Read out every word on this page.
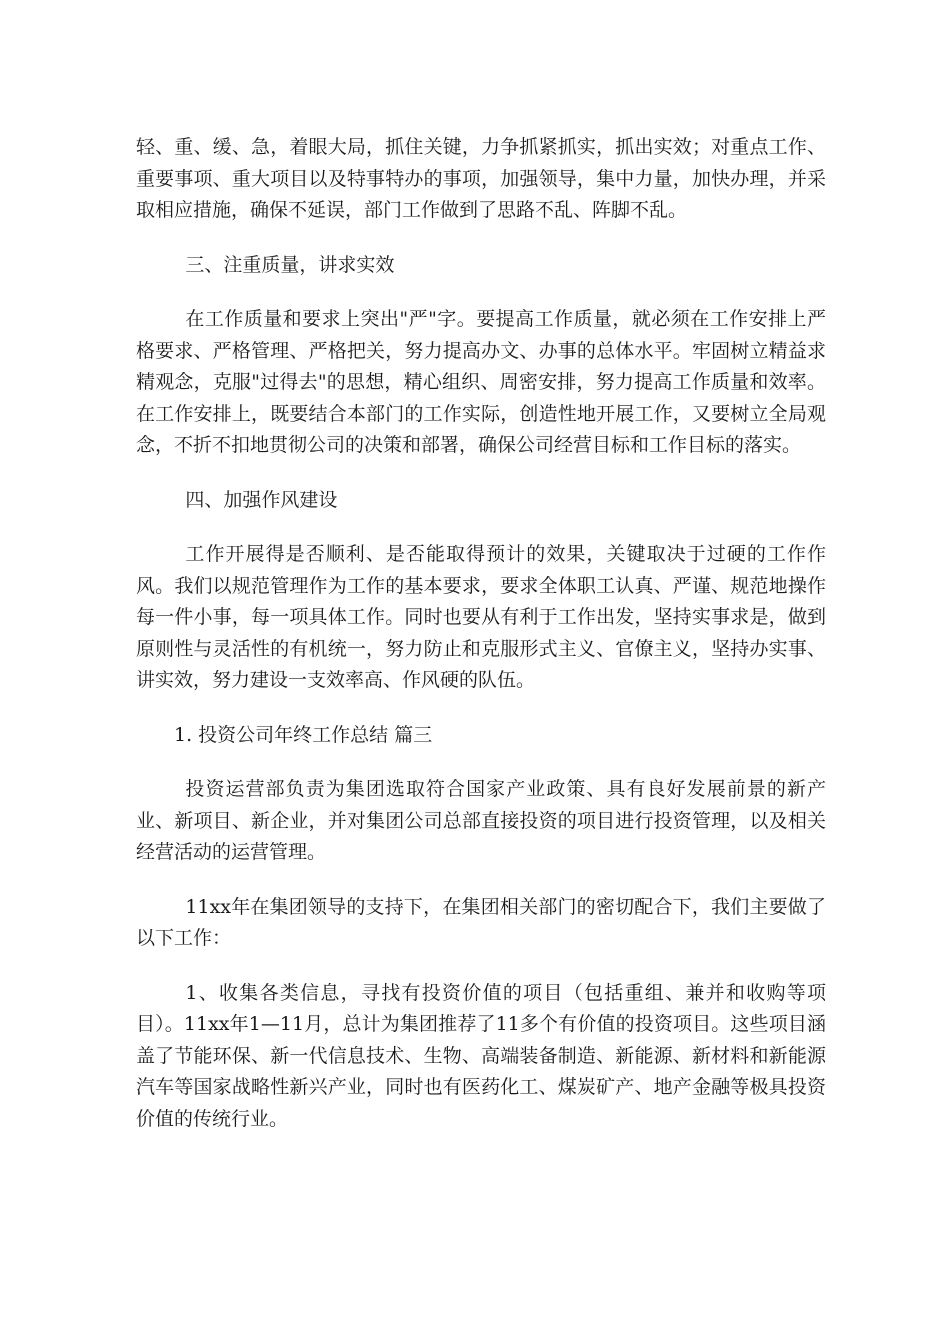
轻、重、缓、急，着眼大局，抓住关键，力争抓紧抓实，抓出实效；对重点工作、重要事项、重大项目以及特事特办的事项，加强领导，集中力量，加快办理，并采取相应措施，确保不延误，部门工作做到了思路不乱、阵脚不乱。

三、注重质量，讲求实效

在工作质量和要求上突出"严"字。要提高工作质量，就必须在工作安排上严格要求、严格管理、严格把关，努力提高办文、办事的总体水平。牢固树立精益求精观念，克服"过得去"的思想，精心组织、周密安排，努力提高工作质量和效率。在工作安排上，既要结合本部门的工作实际，创造性地开展工作，又要树立全局观念，不折不扣地贯彻公司的决策和部署，确保公司经营目标和工作目标的落实。

四、加强作风建设

工作开展得是否顺利、是否能取得预计的效果，关键取决于过硬的工作作风。我们以规范管理作为工作的基本要求，要求全体职工认真、严谨、规范地操作每一件小事，每一项具体工作。同时也要从有利于工作出发，坚持实事求是，做到原则性与灵活性的有机统一，努力防止和克服形式主义、官僚主义，坚持办实事、讲实效，努力建设一支效率高、作风硬的队伍。

1. 投资公司年终工作总结 篇三

投资运营部负责为集团选取符合国家产业政策、具有良好发展前景的新产业、新项目、新企业，并对集团公司总部直接投资的项目进行投资管理，以及相关经营活动的运营管理。

11xx年在集团领导的支持下，在集团相关部门的密切配合下，我们主要做了以下工作：

1、收集各类信息，寻找有投资价值的项目（包括重组、兼并和收购等项目）。11xx年1—11月，总计为集团推荐了11多个有价值的投资项目。这些项目涵盖了节能环保、新一代信息技术、生物、高端装备制造、新能源、新材料和新能源汽车等国家战略性新兴产业，同时也有医药化工、煤炭矿产、地产金融等极具投资价值的传统行业。
